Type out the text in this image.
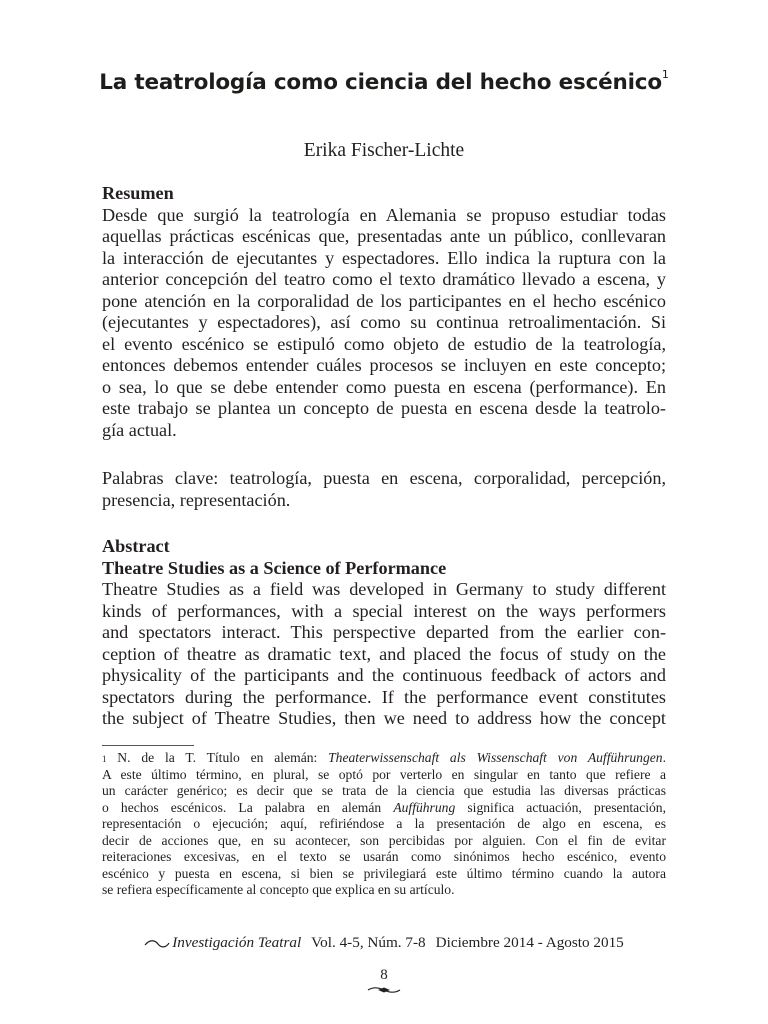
La teatrología como ciencia del hecho escénico$^1$
Erika Fischer-Lichte
Resumen
Desde que surgió la teatrología en Alemania se propuso estudiar todas
aquellas prácticas escénicas que, presentadas ante un público, conllevaran
la interacción de ejecutantes y espectadores. Ello indica la ruptura con la
anterior concepción del teatro como el texto dramático llevado a escena, y
pone atención en la corporalidad de los participantes en el hecho escénico
(ejecutantes y espectadores), así como su continua retroalimentación. Si
el evento escénico se estipuló como objeto de estudio de la teatrología,
entonces debemos entender cuáles procesos se incluyen en este concepto;
o sea, lo que se debe entender como puesta en escena (performance). En
este trabajo se plantea un concepto de puesta en escena desde la teatrolo-
gía actual.
Palabras clave: teatrología, puesta en escena, corporalidad, percepción,
presencia, representación.
Abstract
Theatre Studies as a Science of Performance
Theatre Studies as a field was developed in Germany to study different
kinds of performances, with a special interest on the ways performers
and spectators interact. This perspective departed from the earlier con-
ception of theatre as dramatic text, and placed the focus of study on the
physicality of the participants and the continuous feedback of actors and
spectators during the performance. If the performance event constitutes
the subject of Theatre Studies, then we need to address how the concept
$^1$ N. de la T. Título en alemán: Theaterwissenschaft als Wissenschaft von Aufführungen.
A este último término, en plural, se optó por verterlo en singular en tanto que refiere a
un carácter genérico; es decir que se trata de la ciencia que estudia las diversas prácticas
o hechos escénicos. La palabra en alemán Aufführung significa actuación, presentación,
representación o ejecución; aquí, refiriéndose a la presentación de algo en escena, es
decir de acciones que, en su acontecer, son percibidas por alguien. Con el fin de evitar
reiteraciones excesivas, en el texto se usarán como sinónimos hecho escénico, evento
escénico y puesta en escena, si bien se privilegiará este último término cuando la autora
se refiera específicamente al concepto que explica en su artículo.
Investigación Teatral Vol. 4-5, Núm. 7-8 Diciembre 2014 - Agosto 2015
8
